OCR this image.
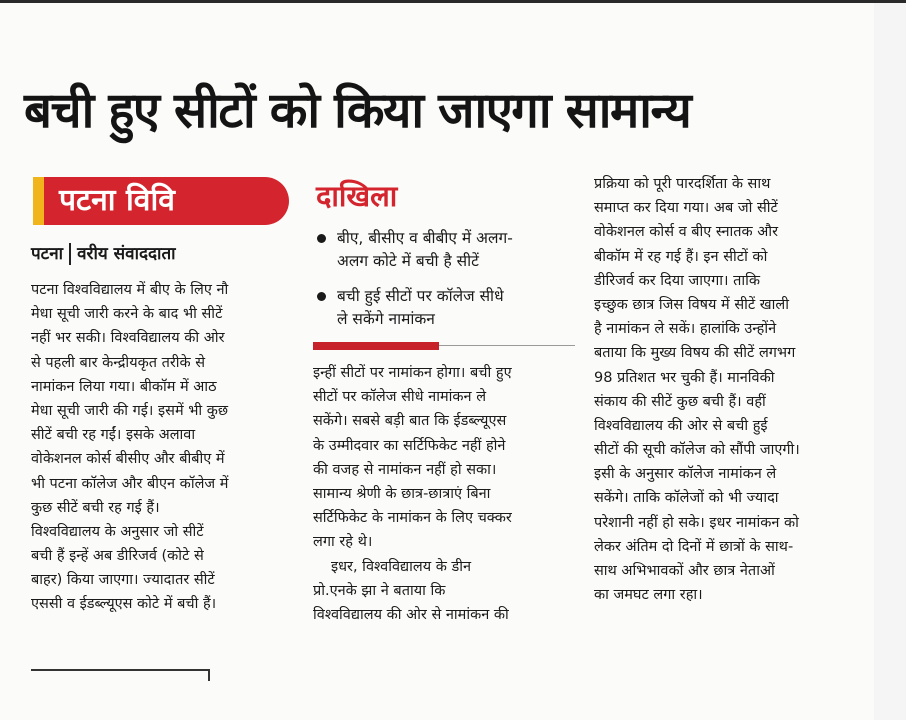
बची हुए सीटों को किया जाएगा सामान्य
पटना विवि
पटना वरीय संवाददाता
पटना विश्वविद्यालय में बीए के लिए नौ
मेधा सूची जारी करने के बाद भी सीटें
नहीं भर सकी। विश्वविद्यालय की ओर
से पहली बार केन्द्रीयकृत तरीके से
नामांकन लिया गया। बीकॉम में आठ
मेधा सूची जारी की गई। इसमें भी कुछ
सीटें बची रह गईं। इसके अलावा
वोकेशनल कोर्स बीसीए और बीबीए में
भी पटना कॉलेज और बीएन कॉलेज में
कुछ सीटें बची रह गई हैं।
विश्वविद्यालय के अनुसार जो सीटें
बची हैं इन्हें अब डीरिजर्व (कोटे से
बाहर) किया जाएगा। ज्यादातर सीटें
एससी व ईडब्ल्यूएस कोटे में बची हैं।
दाखिला
बीए, बीसीए व बीबीए में अलग-
अलग कोटे में बची है सीटें
बची हुई सीटों पर कॉलेज सीधे
ले सकेंगे नामांकन
इन्हीं सीटों पर नामांकन होगा। बची हुए
सीटों पर कॉलेज सीधे नामांकन ले
सकेंगे। सबसे बड़ी बात कि ईडब्ल्यूएस
के उम्मीदवार का सर्टिफिकेट नहीं होने
की वजह से नामांकन नहीं हो सका।
सामान्य श्रेणी के छात्र-छात्राएं बिना
सर्टिफिकेट के नामांकन के लिए चक्कर
लगा रहे थे।
इधर, विश्वविद्यालय के डीन
प्रो.एनके झा ने बताया कि
विश्वविद्यालय की ओर से नामांकन की
प्रक्रिया को पूरी पारदर्शिता के साथ
समाप्त कर दिया गया। अब जो सीटें
वोकेशनल कोर्स व बीए स्नातक और
बीकॉम में रह गई हैं। इन सीटों को
डीरिजर्व कर दिया जाएगा। ताकि
इच्छुक छात्र जिस विषय में सीटें खाली
है नामांकन ले सकें। हालांकि उन्होंने
बताया कि मुख्य विषय की सीटें लगभग
98 प्रतिशत भर चुकी हैं। मानविकी
संकाय की सीटें कुछ बची हैं। वहीं
विश्वविद्यालय की ओर से बची हुई
सीटों की सूची कॉलेज को सौंपी जाएगी।
इसी के अनुसार कॉलेज नामांकन ले
सकेंगे। ताकि कॉलेजों को भी ज्यादा
परेशानी नहीं हो सके। इधर नामांकन को
लेकर अंतिम दो दिनों में छात्रों के साथ-
साथ अभिभावकों और छात्र नेताओं
का जमघट लगा रहा।
